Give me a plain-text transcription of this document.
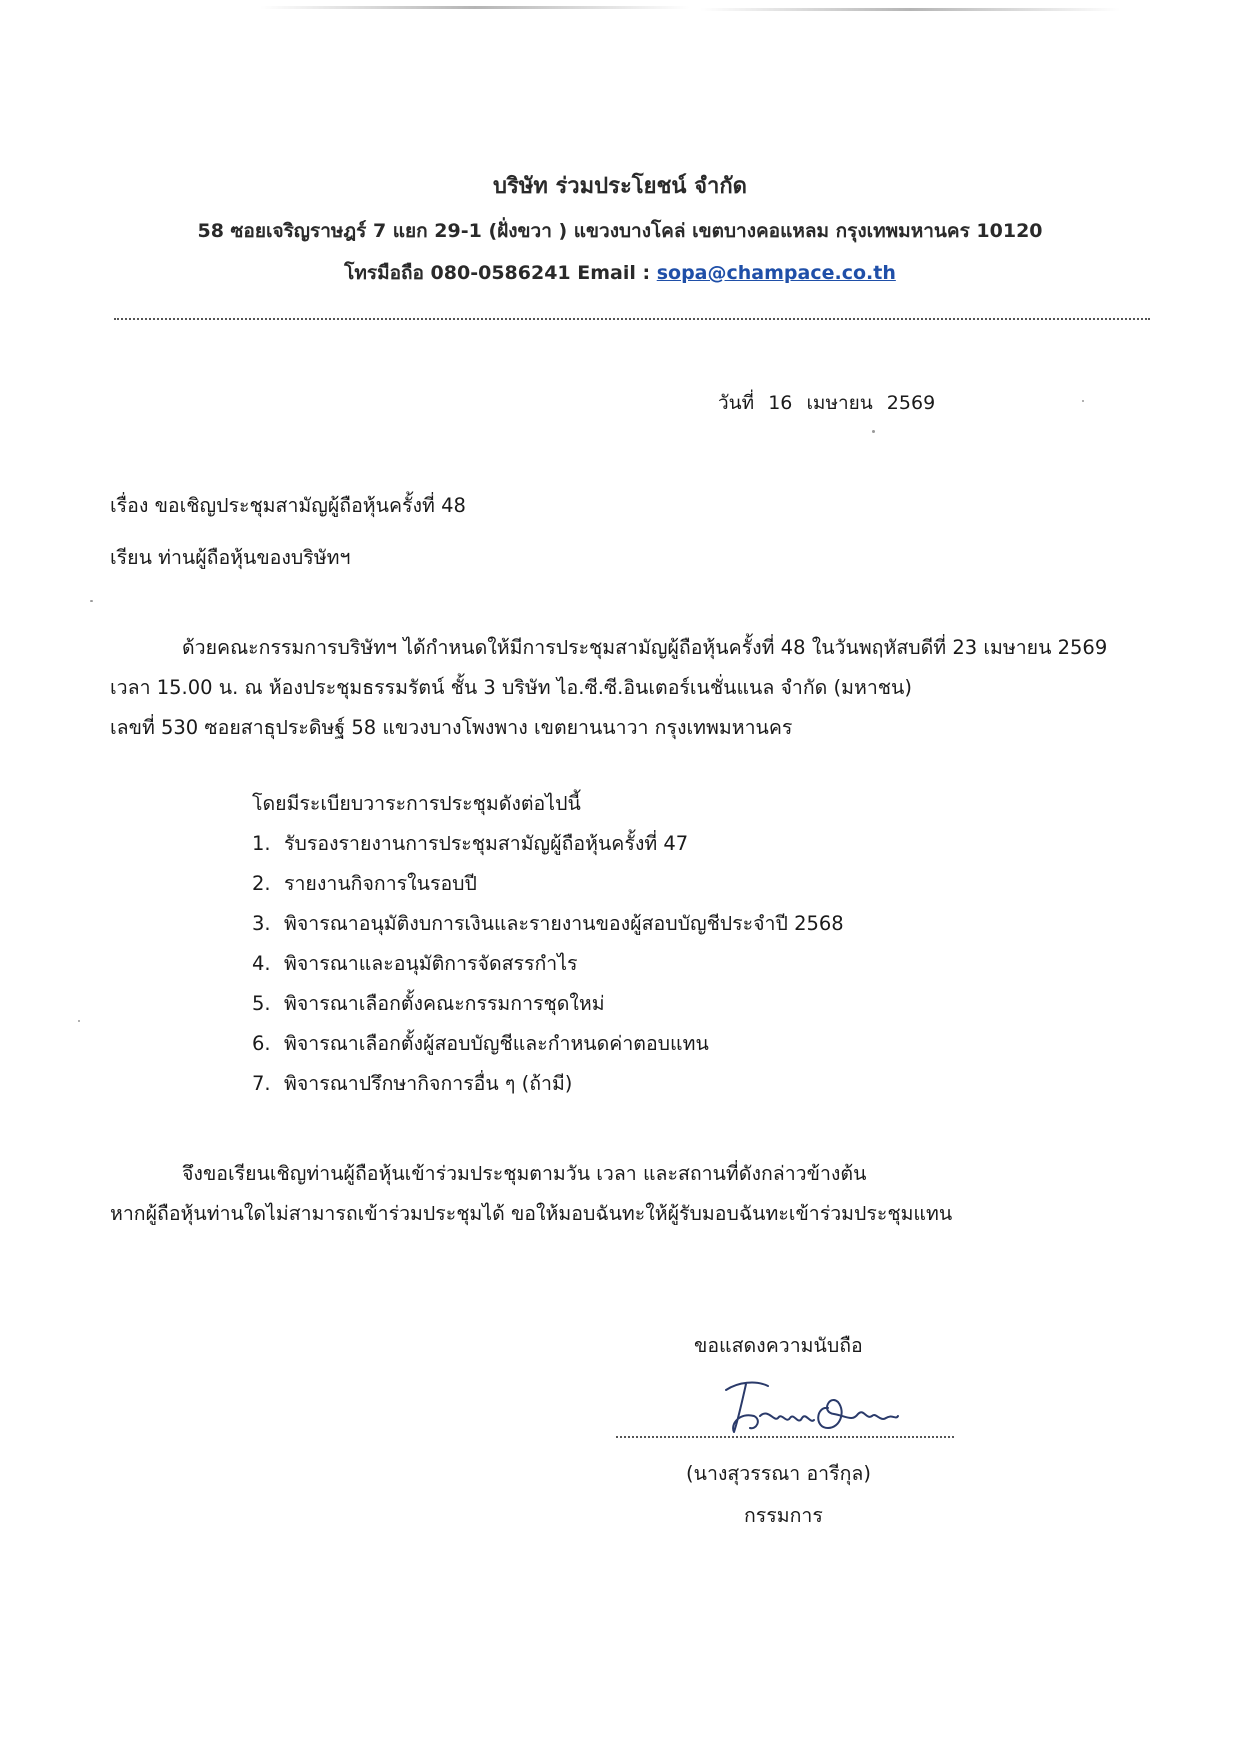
บริษัท ร่วมประโยชน์ จำกัด
58 ซอยเจริญราษฎร์ 7 แยก 29-1 (ฝั่งขวา ) แขวงบางโคล่ เขตบางคอแหลม กรุงเทพมหานคร 10120
โทรมือถือ 080-0586241 Email : sopa@champace.co.th
วันที่ 16 เมษายน 2569
เรื่อง ขอเชิญประชุมสามัญผู้ถือหุ้นครั้งที่ 48
เรียน ท่านผู้ถือหุ้นของบริษัทฯ
ด้วยคณะกรรมการบริษัทฯ ได้กำหนดให้มีการประชุมสามัญผู้ถือหุ้นครั้งที่ 48 ในวันพฤหัสบดีที่ 23 เมษายน 2569
เวลา 15.00 น. ณ ห้องประชุมธรรมรัตน์ ชั้น 3 บริษัท ไอ.ซี.ซี.อินเตอร์เนชั่นแนล จำกัด (มหาชน)
เลขที่ 530 ซอยสาธุประดิษฐ์ 58 แขวงบางโพงพาง เขตยานนาวา กรุงเทพมหานคร
โดยมีระเบียบวาระการประชุมดังต่อไปนี้
1. รับรองรายงานการประชุมสามัญผู้ถือหุ้นครั้งที่ 47
2. รายงานกิจการในรอบปี
3. พิจารณาอนุมัติงบการเงินและรายงานของผู้สอบบัญชีประจำปี 2568
4. พิจารณาและอนุมัติการจัดสรรกำไร
5. พิจารณาเลือกตั้งคณะกรรมการชุดใหม่
6. พิจารณาเลือกตั้งผู้สอบบัญชีและกำหนดค่าตอบแทน
7. พิจารณาปรึกษากิจการอื่น ๆ (ถ้ามี)
จึงขอเรียนเชิญท่านผู้ถือหุ้นเข้าร่วมประชุมตามวัน เวลา และสถานที่ดังกล่าวข้างต้น
หากผู้ถือหุ้นท่านใดไม่สามารถเข้าร่วมประชุมได้ ขอให้มอบฉันทะให้ผู้รับมอบฉันทะเข้าร่วมประชุมแทน
ขอแสดงความนับถือ
(นางสุวรรณา อารีกุล)
กรรมการ
